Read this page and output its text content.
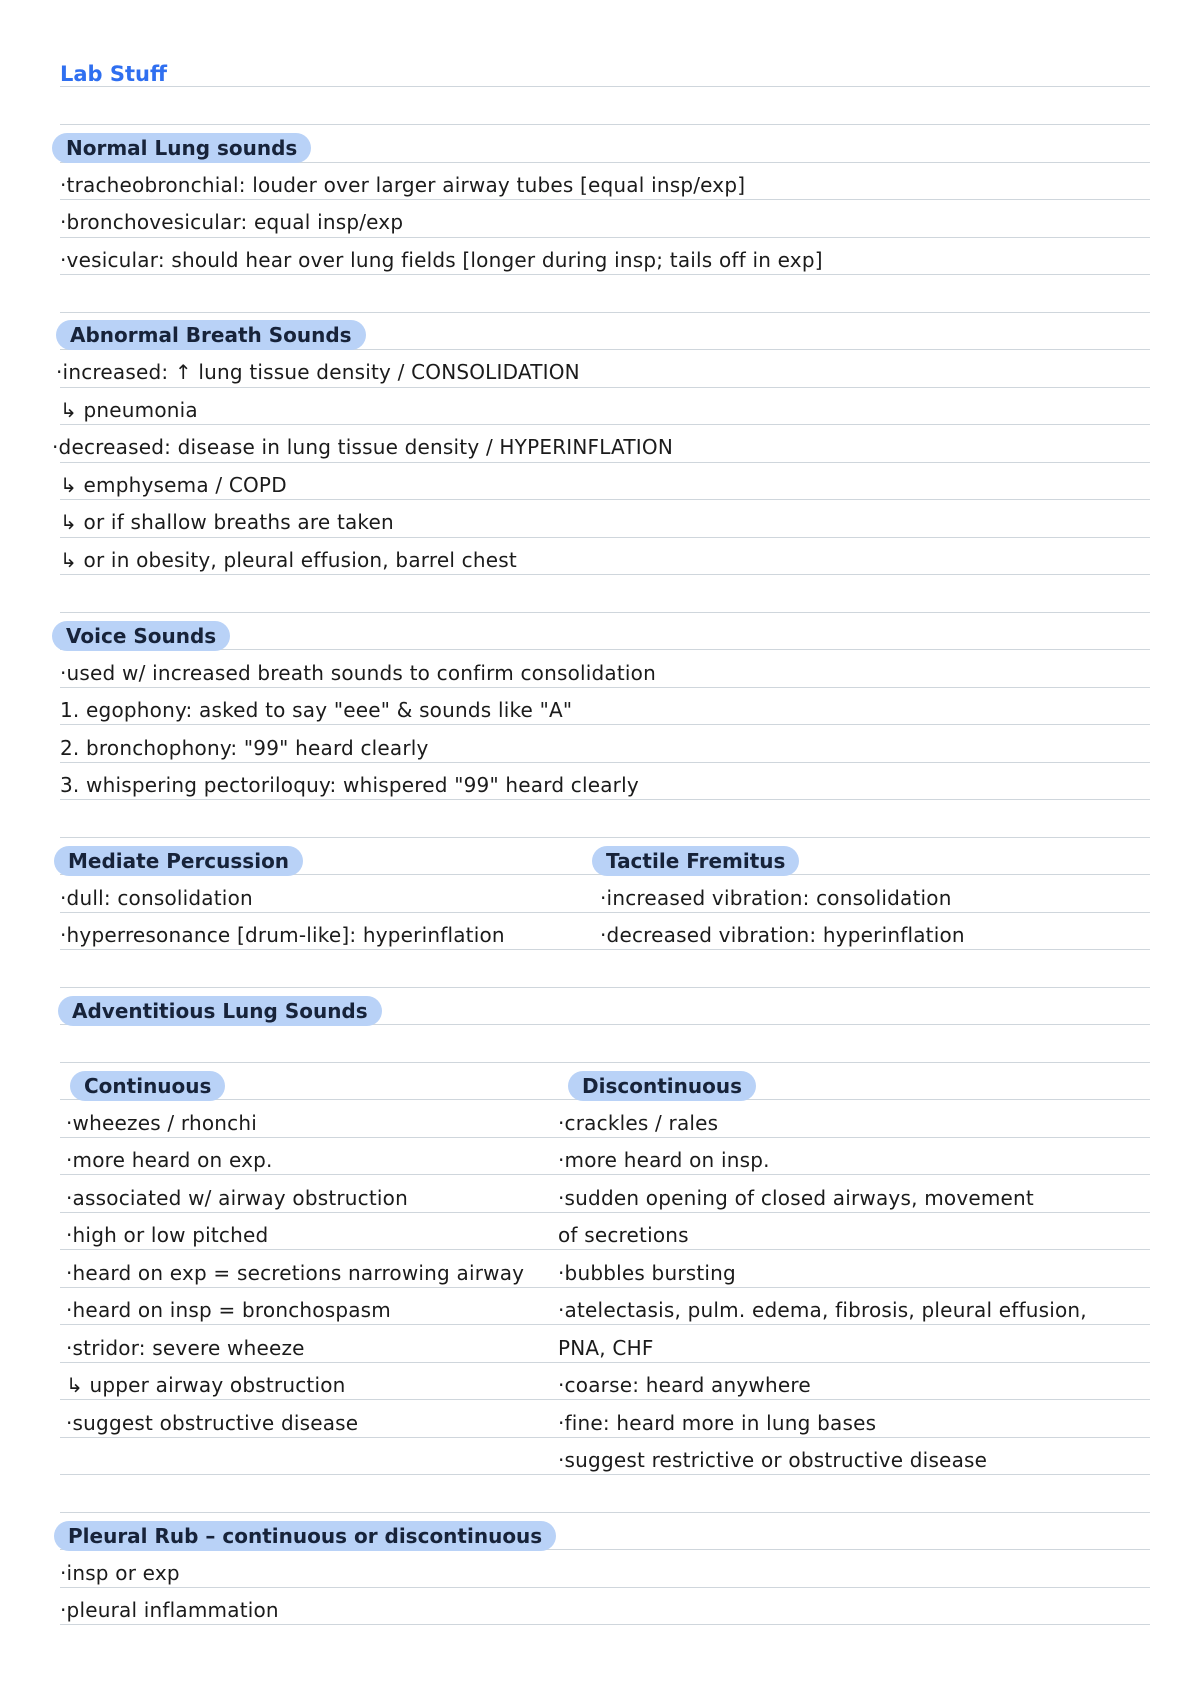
Lab Stuff
Normal Lung sounds
·tracheobronchial: louder over larger airway tubes [equal insp/exp]
·bronchovesicular: equal insp/exp
·vesicular: should hear over lung fields [longer during insp; tails off in exp]
Abnormal Breath Sounds
·increased: ↑ lung tissue density / CONSOLIDATION
↳ pneumonia
·decreased: disease in lung tissue density / HYPERINFLATION
↳ emphysema / COPD
↳ or if shallow breaths are taken
↳ or in obesity, pleural effusion, barrel chest
Voice Sounds
·used w/ increased breath sounds to confirm consolidation
1. egophony: asked to say "eee" & sounds like "A"
2. bronchophony: "99" heard clearly
3. whispering pectoriloquy: whispered "99" heard clearly
Mediate Percussion
·dull: consolidation
·hyperresonance [drum-like]: hyperinflation
Tactile Fremitus
·increased vibration: consolidation
·decreased vibration: hyperinflation
Adventitious Lung Sounds
Continuous
·wheezes / rhonchi
·more heard on exp.
·associated w/ airway obstruction
·high or low pitched
·heard on exp = secretions narrowing airway
·heard on insp = bronchospasm
·stridor: severe wheeze
↳ upper airway obstruction
·suggest obstructive disease
Discontinuous
·crackles / rales
·more heard on insp.
·sudden opening of closed airways, movement
of secretions
·bubbles bursting
·atelectasis, pulm. edema, fibrosis, pleural effusion,
PNA, CHF
·coarse: heard anywhere
·fine: heard more in lung bases
·suggest restrictive or obstructive disease
Pleural Rub – continuous or discontinuous
·insp or exp
·pleural inflammation
